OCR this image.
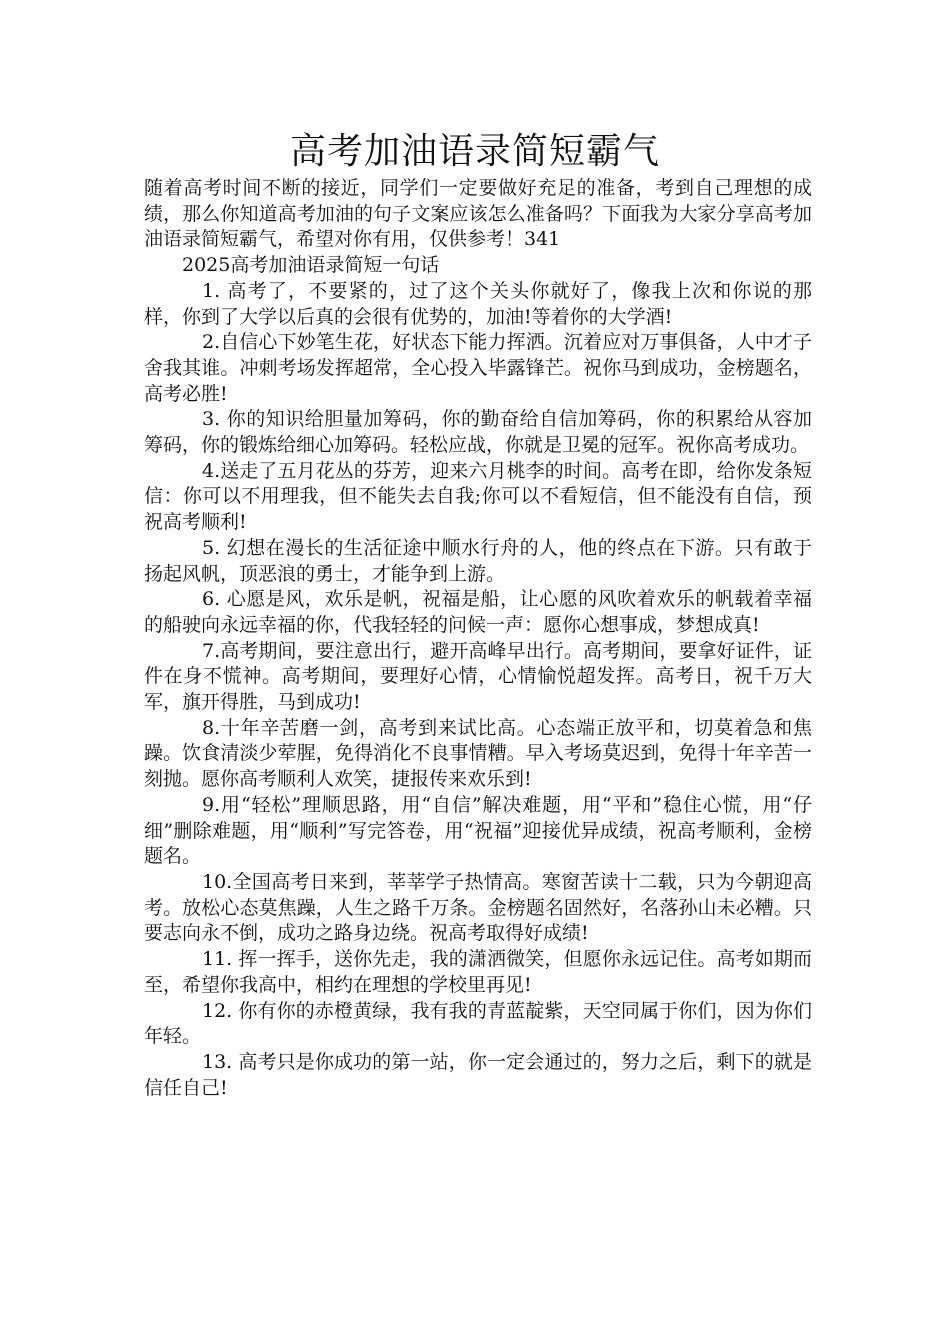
高考加油语录简短霸气

随着高考时间不断的接近，同学们一定要做好充足的准备，考到自己理想的成绩，那么你知道高考加油的句子文案应该怎么准备吗？下面我为大家分享高考加油语录简短霸气，希望对你有用，仅供参考！341

2025高考加油语录简短一句话

1. 高考了，不要紧的，过了这个关头你就好了，像我上次和你说的那样，你到了大学以后真的会很有优势的，加油!等着你的大学酒!

2.自信心下妙笔生花，好状态下能力挥洒。沉着应对万事俱备，人中才子舍我其谁。冲刺考场发挥超常，全心投入毕露锋芒。祝你马到成功，金榜题名，高考必胜!

3. 你的知识给胆量加筹码，你的勤奋给自信加筹码，你的积累给从容加筹码，你的锻炼给细心加筹码。轻松应战，你就是卫冕的冠军。祝你高考成功。

4.送走了五月花丛的芬芳，迎来六月桃李的时间。高考在即，给你发条短信：你可以不用理我，但不能失去自我;你可以不看短信，但不能没有自信，预祝高考顺利!

5. 幻想在漫长的生活征途中顺水行舟的人，他的终点在下游。只有敢于扬起风帆，顶恶浪的勇士，才能争到上游。

6. 心愿是风，欢乐是帆，祝福是船，让心愿的风吹着欢乐的帆载着幸福的船驶向永远幸福的你，代我轻轻的问候一声：愿你心想事成，梦想成真!

7.高考期间，要注意出行，避开高峰早出行。高考期间，要拿好证件，证件在身不慌神。高考期间，要理好心情，心情愉悦超发挥。高考日，祝千万大军，旗开得胜，马到成功!

8.十年辛苦磨一剑，高考到来试比高。心态端正放平和，切莫着急和焦躁。饮食清淡少荤腥，免得消化不良事情糟。早入考场莫迟到，免得十年辛苦一刻抛。愿你高考顺利人欢笑，捷报传来欢乐到!

9.用“轻松”理顺思路，用“自信”解决难题，用“平和”稳住心慌，用“仔细”删除难题，用“顺利”写完答卷，用“祝福”迎接优异成绩，祝高考顺利，金榜题名。

10.全国高考日来到，莘莘学子热情高。寒窗苦读十二载，只为今朝迎高考。放松心态莫焦躁，人生之路千万条。金榜题名固然好，名落孙山未必糟。只要志向永不倒，成功之路身边绕。祝高考取得好成绩!

11. 挥一挥手，送你先走，我的潇洒微笑，但愿你永远记住。高考如期而至，希望你我高中，相约在理想的学校里再见!

12. 你有你的赤橙黄绿，我有我的青蓝靛紫，天空同属于你们，因为你们年轻。

13. 高考只是你成功的第一站，你一定会通过的，努力之后，剩下的就是信任自己!
